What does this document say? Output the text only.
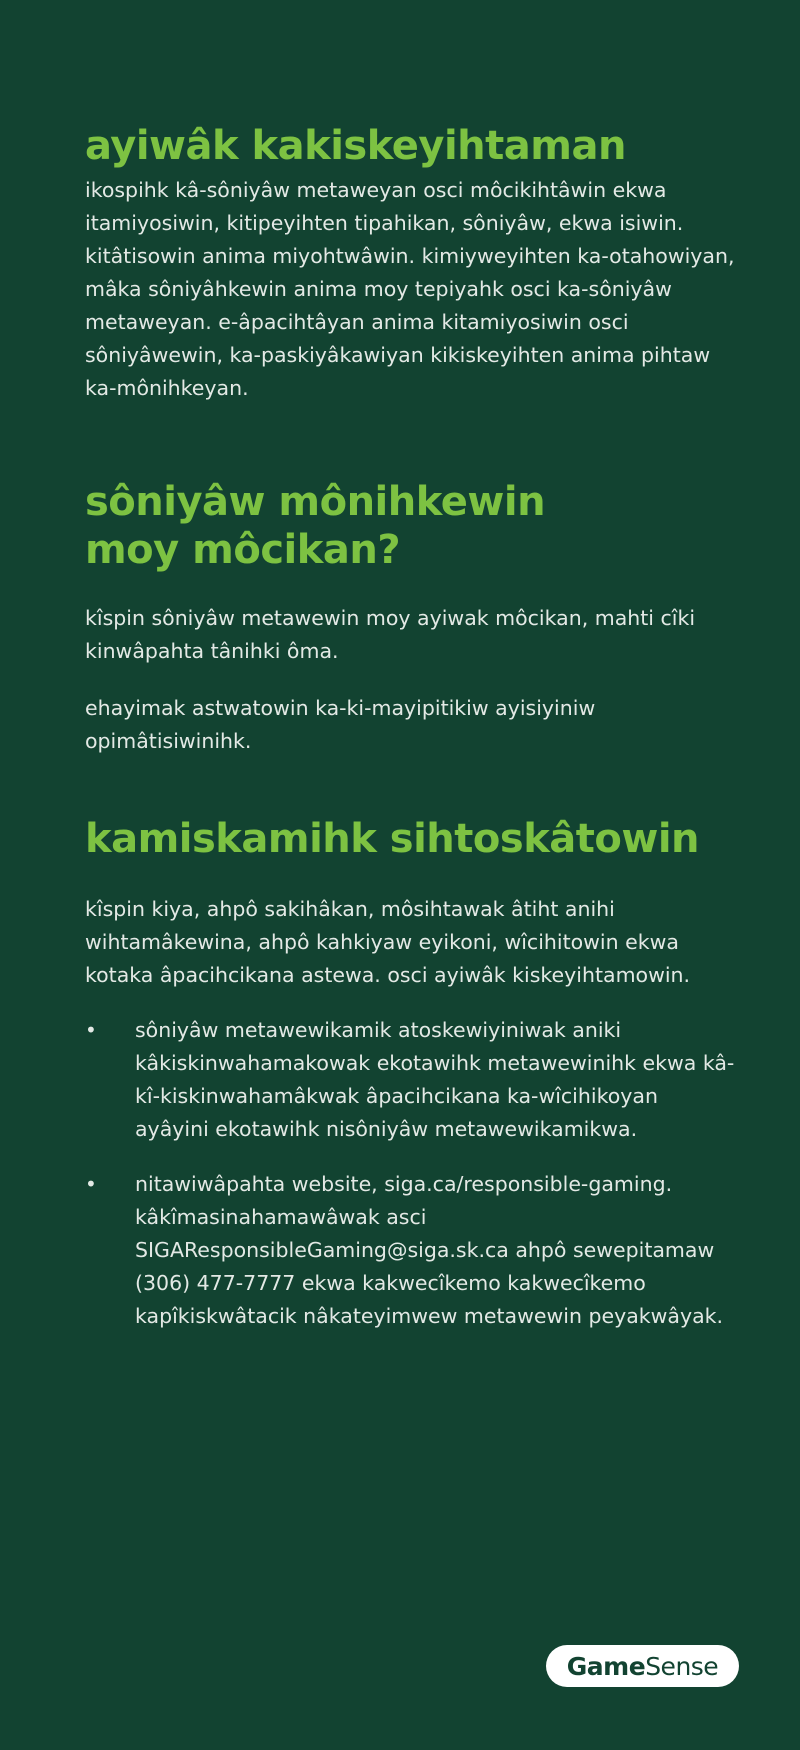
ayiwâk kakiskeyihtaman

ikospihk kâ-sôniyâw metaweyan osci môcikihtâwin ekwa itamiyosiwin, kitipeyihten tipahikan, sôniyâw, ekwa isiwin. kitâtisowin anima miyohtwâwin. kimiyweyihten ka-otahowiyan, mâka sôniyâhkewin anima moy tepiyahk osci ka-sôniyâw metaweyan. e-âpacihtâyan anima kitamiyosiwin osci sôniyâwewin, ka-paskiyâkawiyan kikiskeyihten anima pihtaw ka-mônihkeyan.

sôniyâw mônihkewin
moy môcikan?

kîspin sôniyâw metawewin moy ayiwak môcikan, mahti cîki kinwâpahta tânihki ôma.

ehayimak astwatowin ka-ki-mayipitikiw ayisiyiniw opimâtisiwinihk.

kamiskamihk sihtoskâtowin

kîspin kiya, ahpô sakihâkan, môsihtawak âtiht anihi wihtamâkewina, ahpô kahkiyaw eyikoni, wîcihitowin ekwa kotaka âpacihcikana astewa. osci ayiwâk kiskeyihtamowin.

• sôniyâw metawewikamik atoskewiyiniwak aniki kâkiskinwahamakowak ekotawihk metawewinihk ekwa kâ-kî-kiskinwahamâkwak âpacihcikana ka-wîcihikoyan ayâyini ekotawihk nisôniyâw metawewikamikwa.

• nitawiwâpahta website, siga.ca/responsible-gaming. kâkîmasinahamawâwak asci SIGAResponsibleGaming@siga.sk.ca ahpô sewepitamaw (306) 477-7777 ekwa kakwecîkemo kakwecîkemo kapîkiskwâtacik nâkateyimwew metawewin peyakwâyak.

Game Sense
